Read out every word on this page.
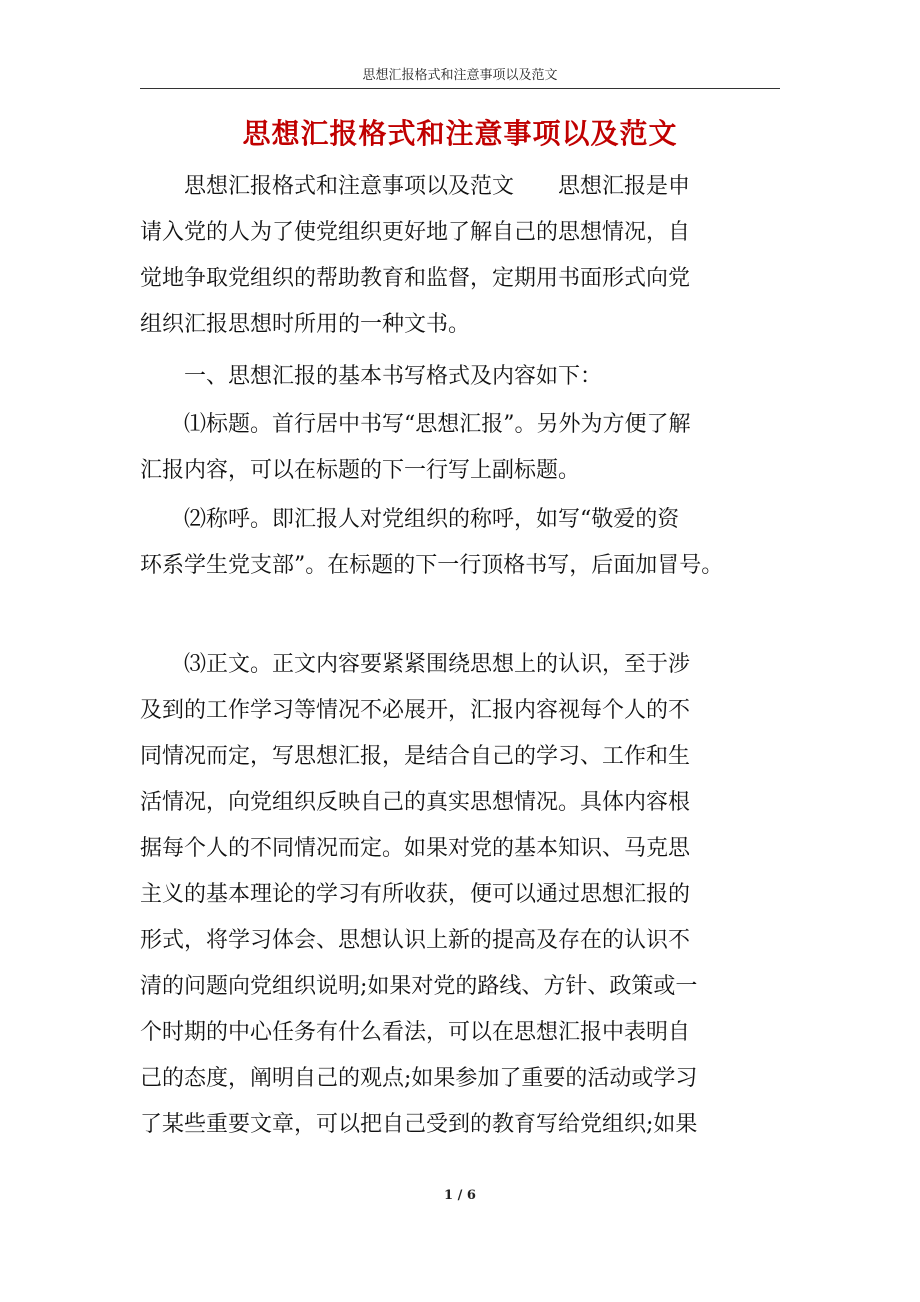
思想汇报格式和注意事项以及范文
思想汇报格式和注意事项以及范文
　　思想汇报格式和注意事项以及范文　　思想汇报是申
请入党的人为了使党组织更好地了解自己的思想情况，自
觉地争取党组织的帮助教育和监督，定期用书面形式向党
组织汇报思想时所用的一种文书。
　　一、思想汇报的基本书写格式及内容如下：
　　⑴标题。首行居中书写“思想汇报”。另外为方便了解
汇报内容，可以在标题的下一行写上副标题。
　　⑵称呼。即汇报人对党组织的称呼，如写“敬爱的资
环系学生党支部”。在标题的下一行顶格书写，后面加冒号。
　　⑶正文。正文内容要紧紧围绕思想上的认识，至于涉
及到的工作学习等情况不必展开，汇报内容视每个人的不
同情况而定，写思想汇报，是结合自己的学习、工作和生
活情况，向党组织反映自己的真实思想情况。具体内容根
据每个人的不同情况而定。如果对党的基本知识、马克思
主义的基本理论的学习有所收获，便可以通过思想汇报的
形式，将学习体会、思想认识上新的提高及存在的认识不
清的问题向党组织说明;如果对党的路线、方针、政策或一
个时期的中心任务有什么看法，可以在思想汇报中表明自
己的态度，阐明自己的观点;如果参加了重要的活动或学习
了某些重要文章，可以把自己受到的教育写给党组织;如果
1 / 6
